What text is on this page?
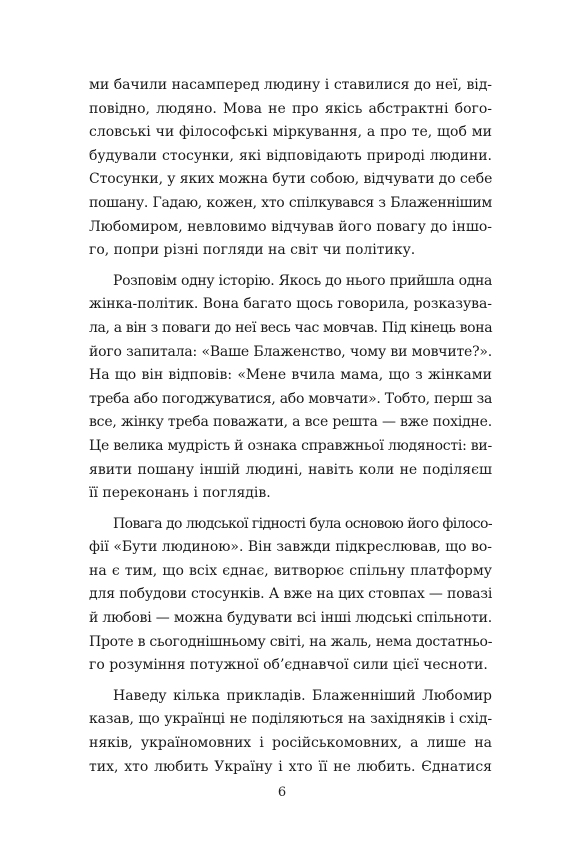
ми бачили насамперед людину і ставилися до неї, від-
повідно, людяно. Мова не про якісь абстрактні бого-
словські чи філософські міркування, а про те, щоб ми
будували стосунки, які відповідають природі людини.
Стосунки, у яких можна бути собою, відчувати до себе
пошану. Гадаю, кожен, хто спілкувався з Блаженнішим
Любомиром, невловимо відчував його повагу до іншо-
го, попри різні погляди на світ чи політику.

Розповім одну історію. Якось до нього прийшла одна
жінка-політик. Вона багато щось говорила, розказува-
ла, а він з поваги до неї весь час мовчав. Під кінець вона
його запитала: «Ваше Блаженство, чому ви мовчите?».
На що він відповів: «Мене вчила мама, що з жінками
треба або погоджуватися, або мовчати». Тобто, перш за
все, жінку треба поважати, а все решта — вже похідне.
Це велика мудрість й ознака справжньої людяності: ви-
явити пошану іншій людині, навіть коли не поділяєш
її переконань і поглядів.

Повага до людської гідності була основою його філосо-
фії «Бути людиною». Він завжди підкреслював, що во-
на є тим, що всіх єднає, витворює спільну платформу
для побудови стосунків. А вже на цих стовпах — повазі
й любові — можна будувати всі інші людські спільноти.
Проте в сьогоднішньому світі, на жаль, нема достатньо-
го розуміння потужної об’єднавчої сили цієї чесноти.

Наведу кілька прикладів. Блаженніший Любомир
казав, що українці не поділяються на західняків і схід-
няків, україномовних і російськомовних, а лише на
тих, хто любить Україну і хто її не любить. Єднатися

6
